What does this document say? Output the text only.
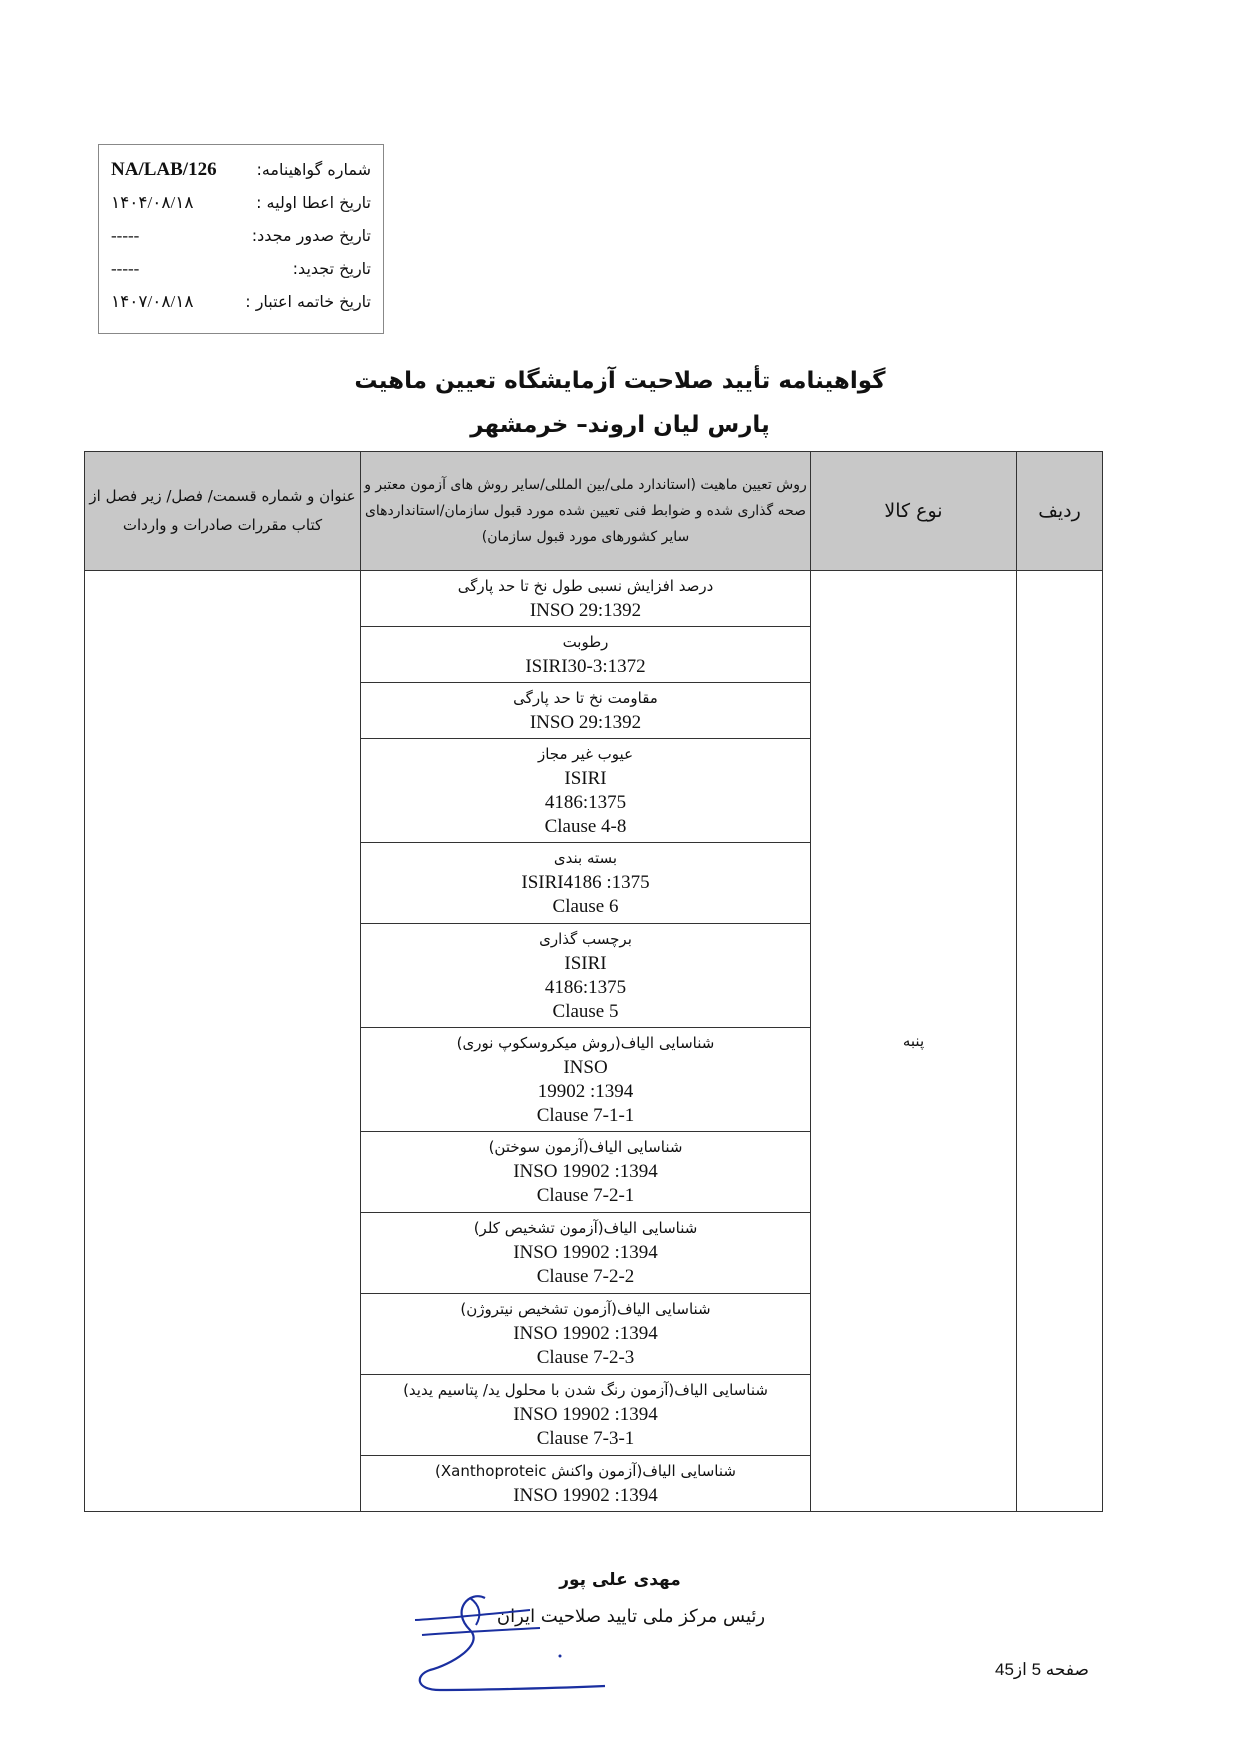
شماره گواهینامه:
NA/LAB/126
تاریخ اعطا اولیه :
۱۴۰۴/۰۸/۱۸
تاریخ صدور مجدد:
-----
تاریخ تجدید:
-----
تاریخ خاتمه اعتبار :
۱۴۰۷/۰۸/۱۸
گواهینامه تأیید صلاحیت آزمایشگاه تعیین ماهیت
پارس لیان اروند– خرمشهر
ردیف	نوع کالا	روش تعیین ماهیت (استاندارد ملی/بین المللی/سایر روش های آزمون معتبر و صحه گذاری شده و ضوابط فنی تعیین شده مورد قبول سازمان/استانداردهای سایر کشورهای مورد قبول سازمان)	عنوان و شماره قسمت/ فصل/ زیر فصل از کتاب مقررات صادرات و واردات
	پنبه	درصد افزایش نسبی طول نخ تا حد پارگی
INSO 29:1392	

		رطوبت
ISIRI30-3:1372	

		مقاومت نخ تا حد پارگی
INSO 29:1392	

		عیوب غیر مجاز
ISIRI
4186:1375
Clause 4-8	

		بسته بندی
ISIRI4186 :1375
Clause 6	

		برچسب گذاری
ISIRI
4186:1375
Clause 5	

		شناسایی الیاف(روش میکروسکوپ نوری)
INSO
19902 :1394
Clause 7-1-1	

		شناسایی الیاف(آزمون سوختن)
INSO 19902 :1394
Clause 7-2-1	

		شناسایی الیاف(آزمون تشخیص کلر)
INSO 19902 :1394
Clause 7-2-2	

		شناسایی الیاف(آزمون تشخیص نیتروژن)
INSO 19902 :1394
Clause 7-2-3	

		شناسایی الیاف(آزمون رنگ شدن با محلول ید/ پتاسیم یدید)
INSO 19902 :1394
Clause 7-3-1	

		شناسایی الیاف(آزمون واکنش Xanthoproteic)
INSO 19902 :1394	
مهدی علی پور
رئیس مرکز ملی تایید صلاحیت ایران
صفحه 5 از45
